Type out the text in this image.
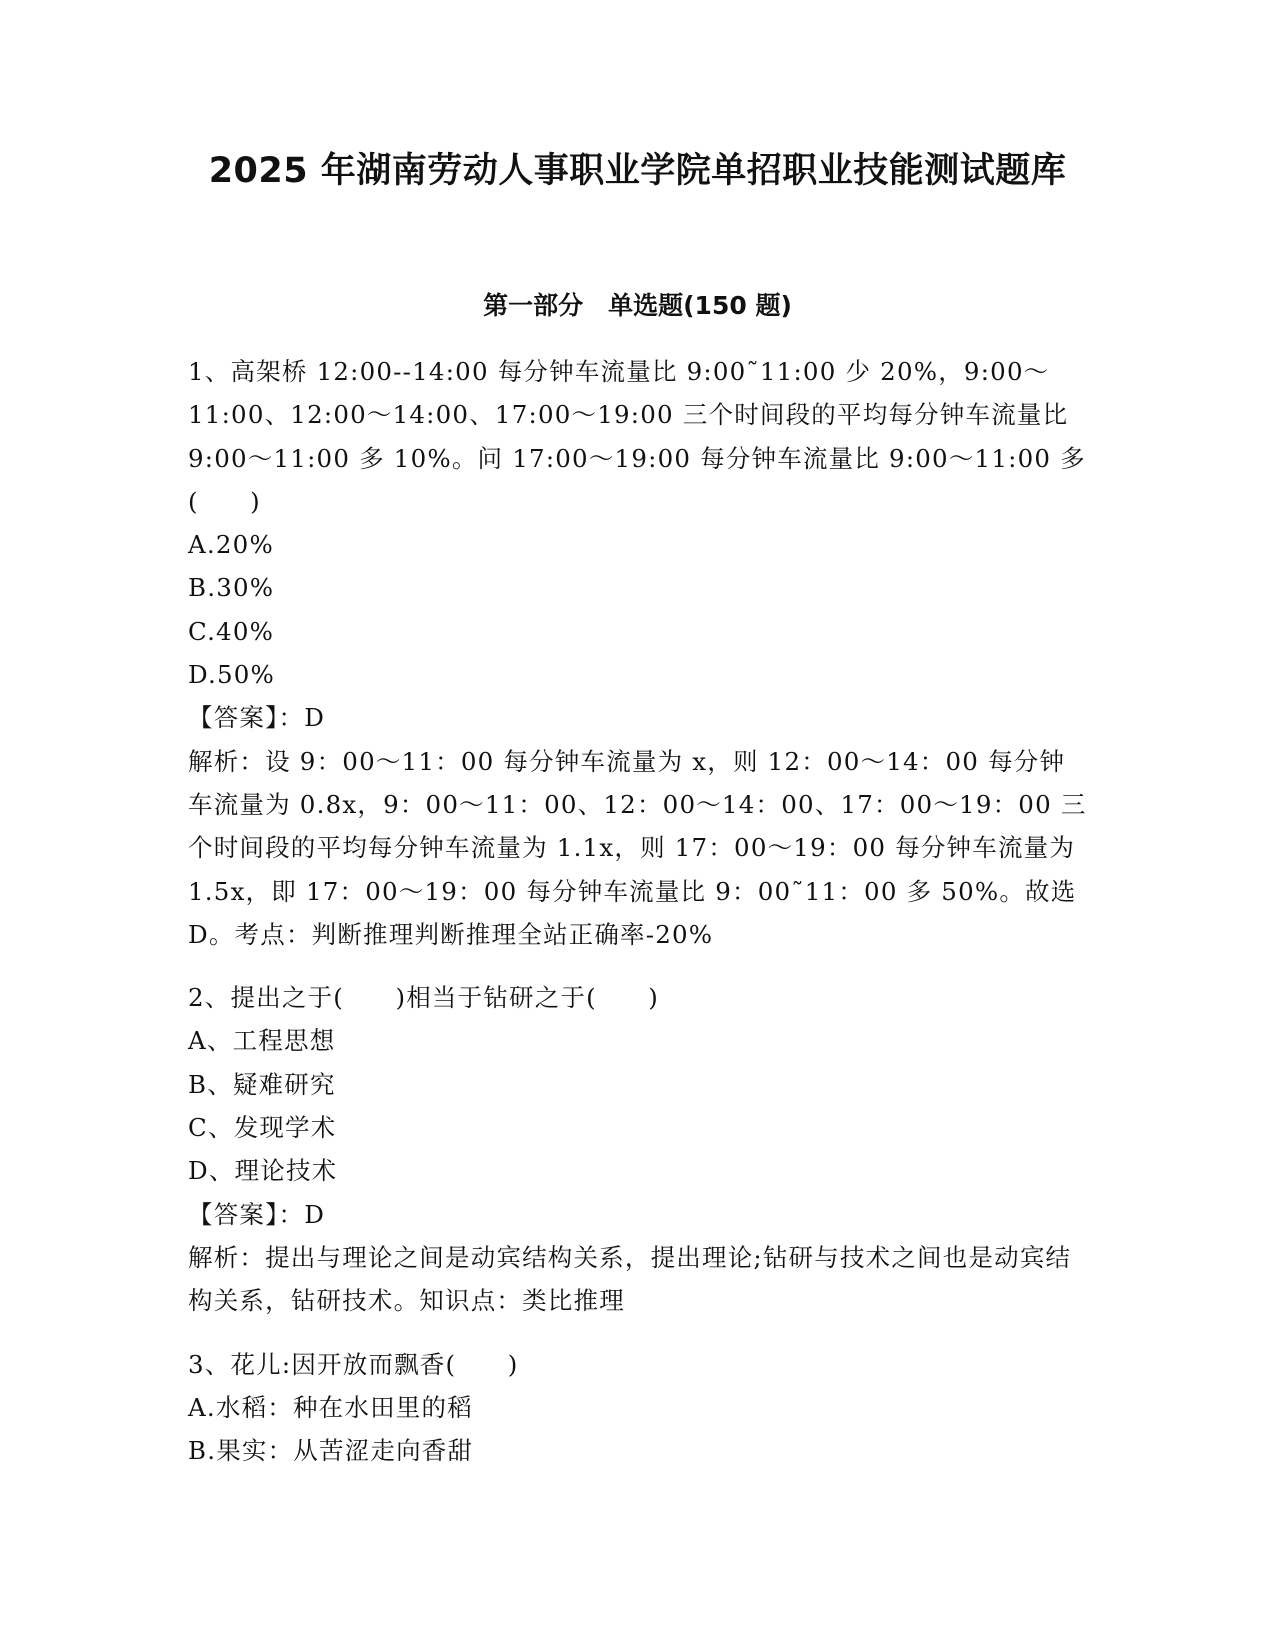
2025 年湖南劳动人事职业学院单招职业技能测试题库
第一部分　单选题(150 题)

1、高架桥 12:00--14:00 每分钟车流量比 9:00˜11:00 少 20%，9:00～11:00、12:00～14:00、17:00～19:00 三个时间段的平均每分钟车流量比 9:00～11:00 多 10%。问 17:00～19:00 每分钟车流量比 9:00～11:00 多(　　)

A.20%

B.30%

C.40%

D.50%

【答案】：D

解析：设 9：00～11：00 每分钟车流量为 x，则 12：00～14：00 每分钟车流量为 0.8x，9：00～11：00、12：00～14：00、17：00～19：00 三个时间段的平均每分钟车流量为 1.1x，则 17：00～19：00 每分钟车流量为 1.5x，即 17：00～19：00 每分钟车流量比 9：00˜11：00 多 50%。故选 D。考点：判断推理判断推理全站正确率-20%

2、提出之于(　　)相当于钻研之于(　　)

A、工程思想

B、疑难研究

C、发现学术

D、理论技术

【答案】：D

解析：提出与理论之间是动宾结构关系，提出理论;钻研与技术之间也是动宾结构关系，钻研技术。知识点：类比推理

3、花儿:因开放而飘香(　　)

A.水稻：种在水田里的稻

B.果实：从苦涩走向香甜
